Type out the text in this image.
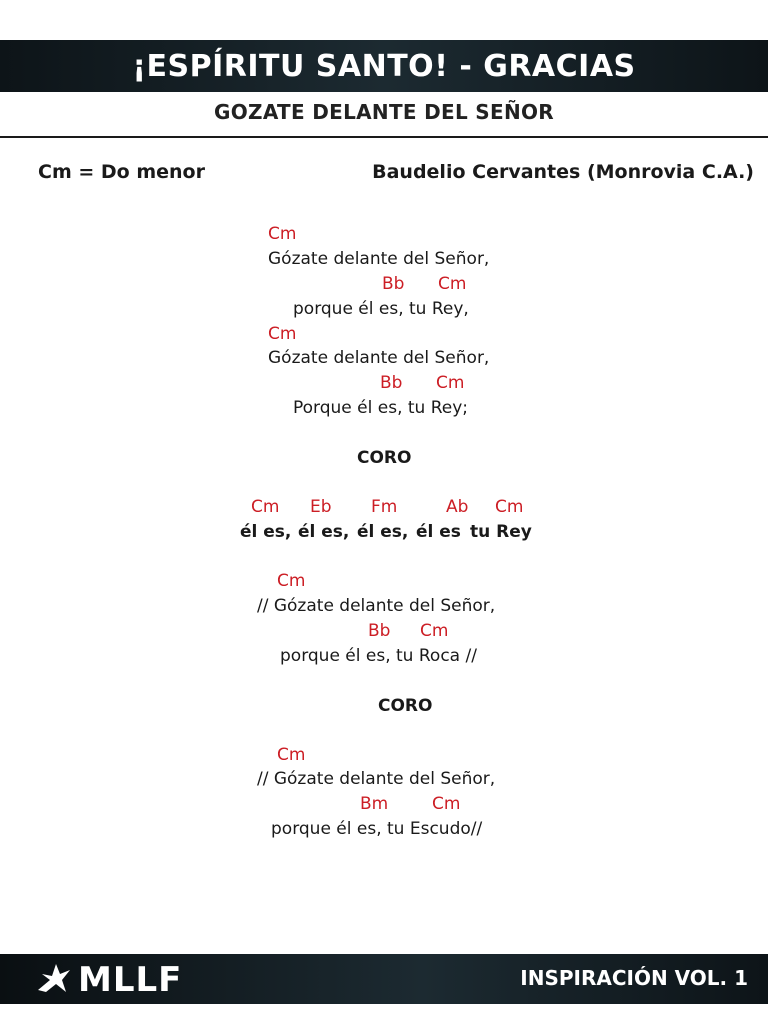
¡ESPÍRITU SANTO! - GRACIAS
GOZATE DELANTE DEL SEÑOR
Cm = Do menor	Baudelio Cervantes (Monrovia C.A.)
Cm
Gózate delante del Señor,
Bb Cm
porque él es, tu Rey,
Cm
Gózate delante del Señor,
Bb Cm
Porque él es, tu Rey;
CORO
Cm Eb Fm	Ab Cm
él es, él es, él es, él es tu Rey
Cm
// Gózate delante del Señor,
Bb Cm
porque él es, tu Roca //
CORO
Cm
// Gózate delante del Señor,
Bm	Cm
porque él es, tu Escudo//
MLLF	INSPIRACIÓN VOL. 1
